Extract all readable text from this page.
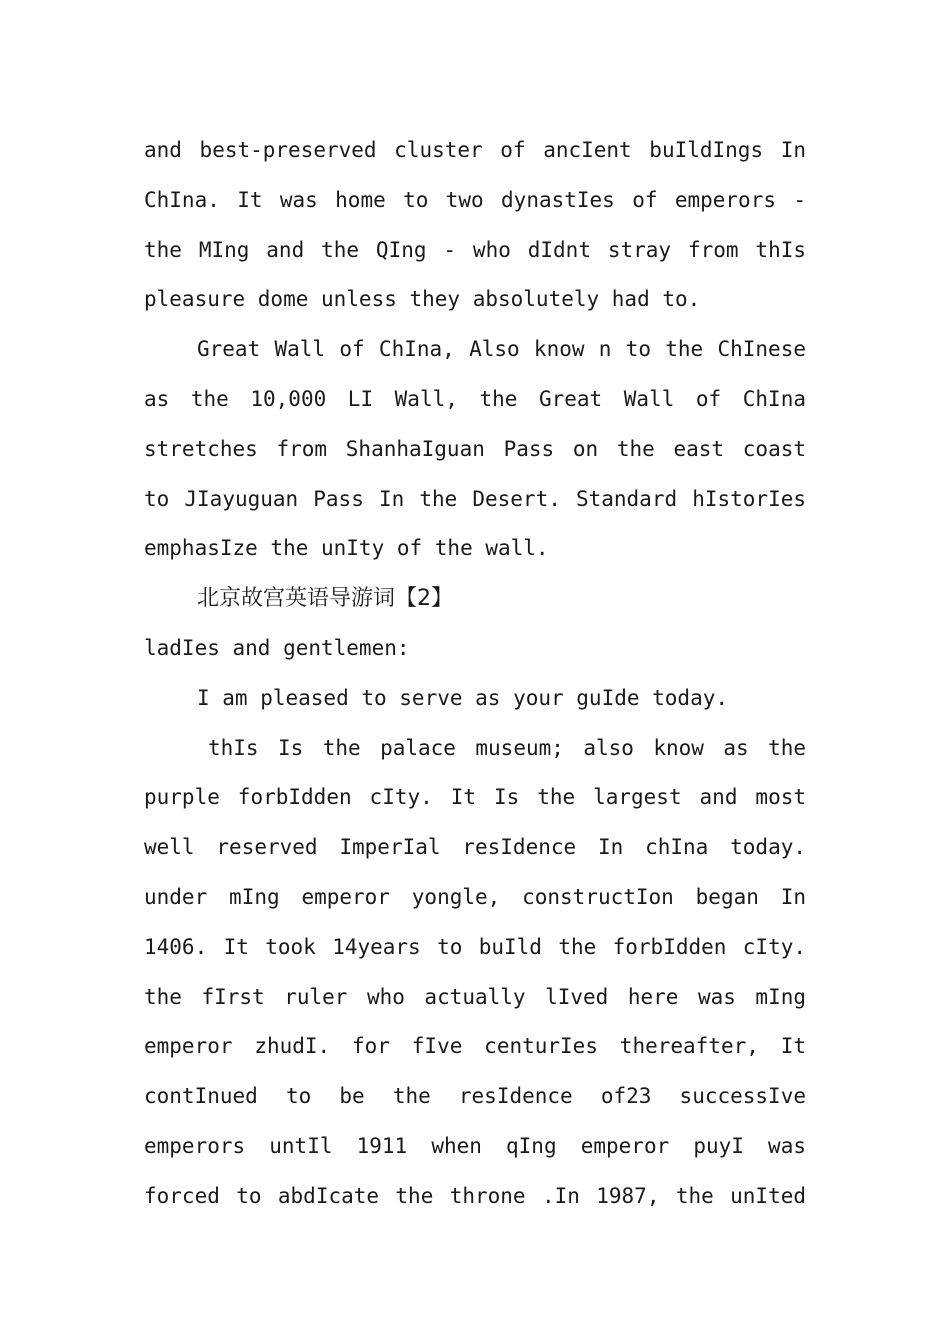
and best-preserved cluster of ancIent buIldIngs In
ChIna. It was home to two dynastIes of emperors -
the MIng and the QIng - who dIdnt stray from thIs
pleasure dome unless they absolutely had to.
Great Wall of ChIna, Also know n to the ChInese
as the 10,000 LI Wall, the Great Wall of ChIna
stretches from ShanhaIguan Pass on the east coast
to JIayuguan Pass In the Desert. Standard hIstorIes
emphasIze the unIty of the wall.
北京故宫英语导游词【2】
ladIes and gentlemen:
I am pleased to serve as your guIde today.
thIs Is the palace museum; also know as the
purple forbIdden cIty. It Is the largest and most
well reserved ImperIal resIdence In chIna today.
under mIng emperor yongle, constructIon began In
1406. It took 14years to buIld the forbIdden cIty.
the fIrst ruler who actually lIved here was mIng
emperor zhudI. for fIve centurIes thereafter, It
contInued to be the resIdence of23 successIve
emperors untIl 1911 when qIng emperor puyI was
forced to abdIcate the throne .In 1987, the unIted
